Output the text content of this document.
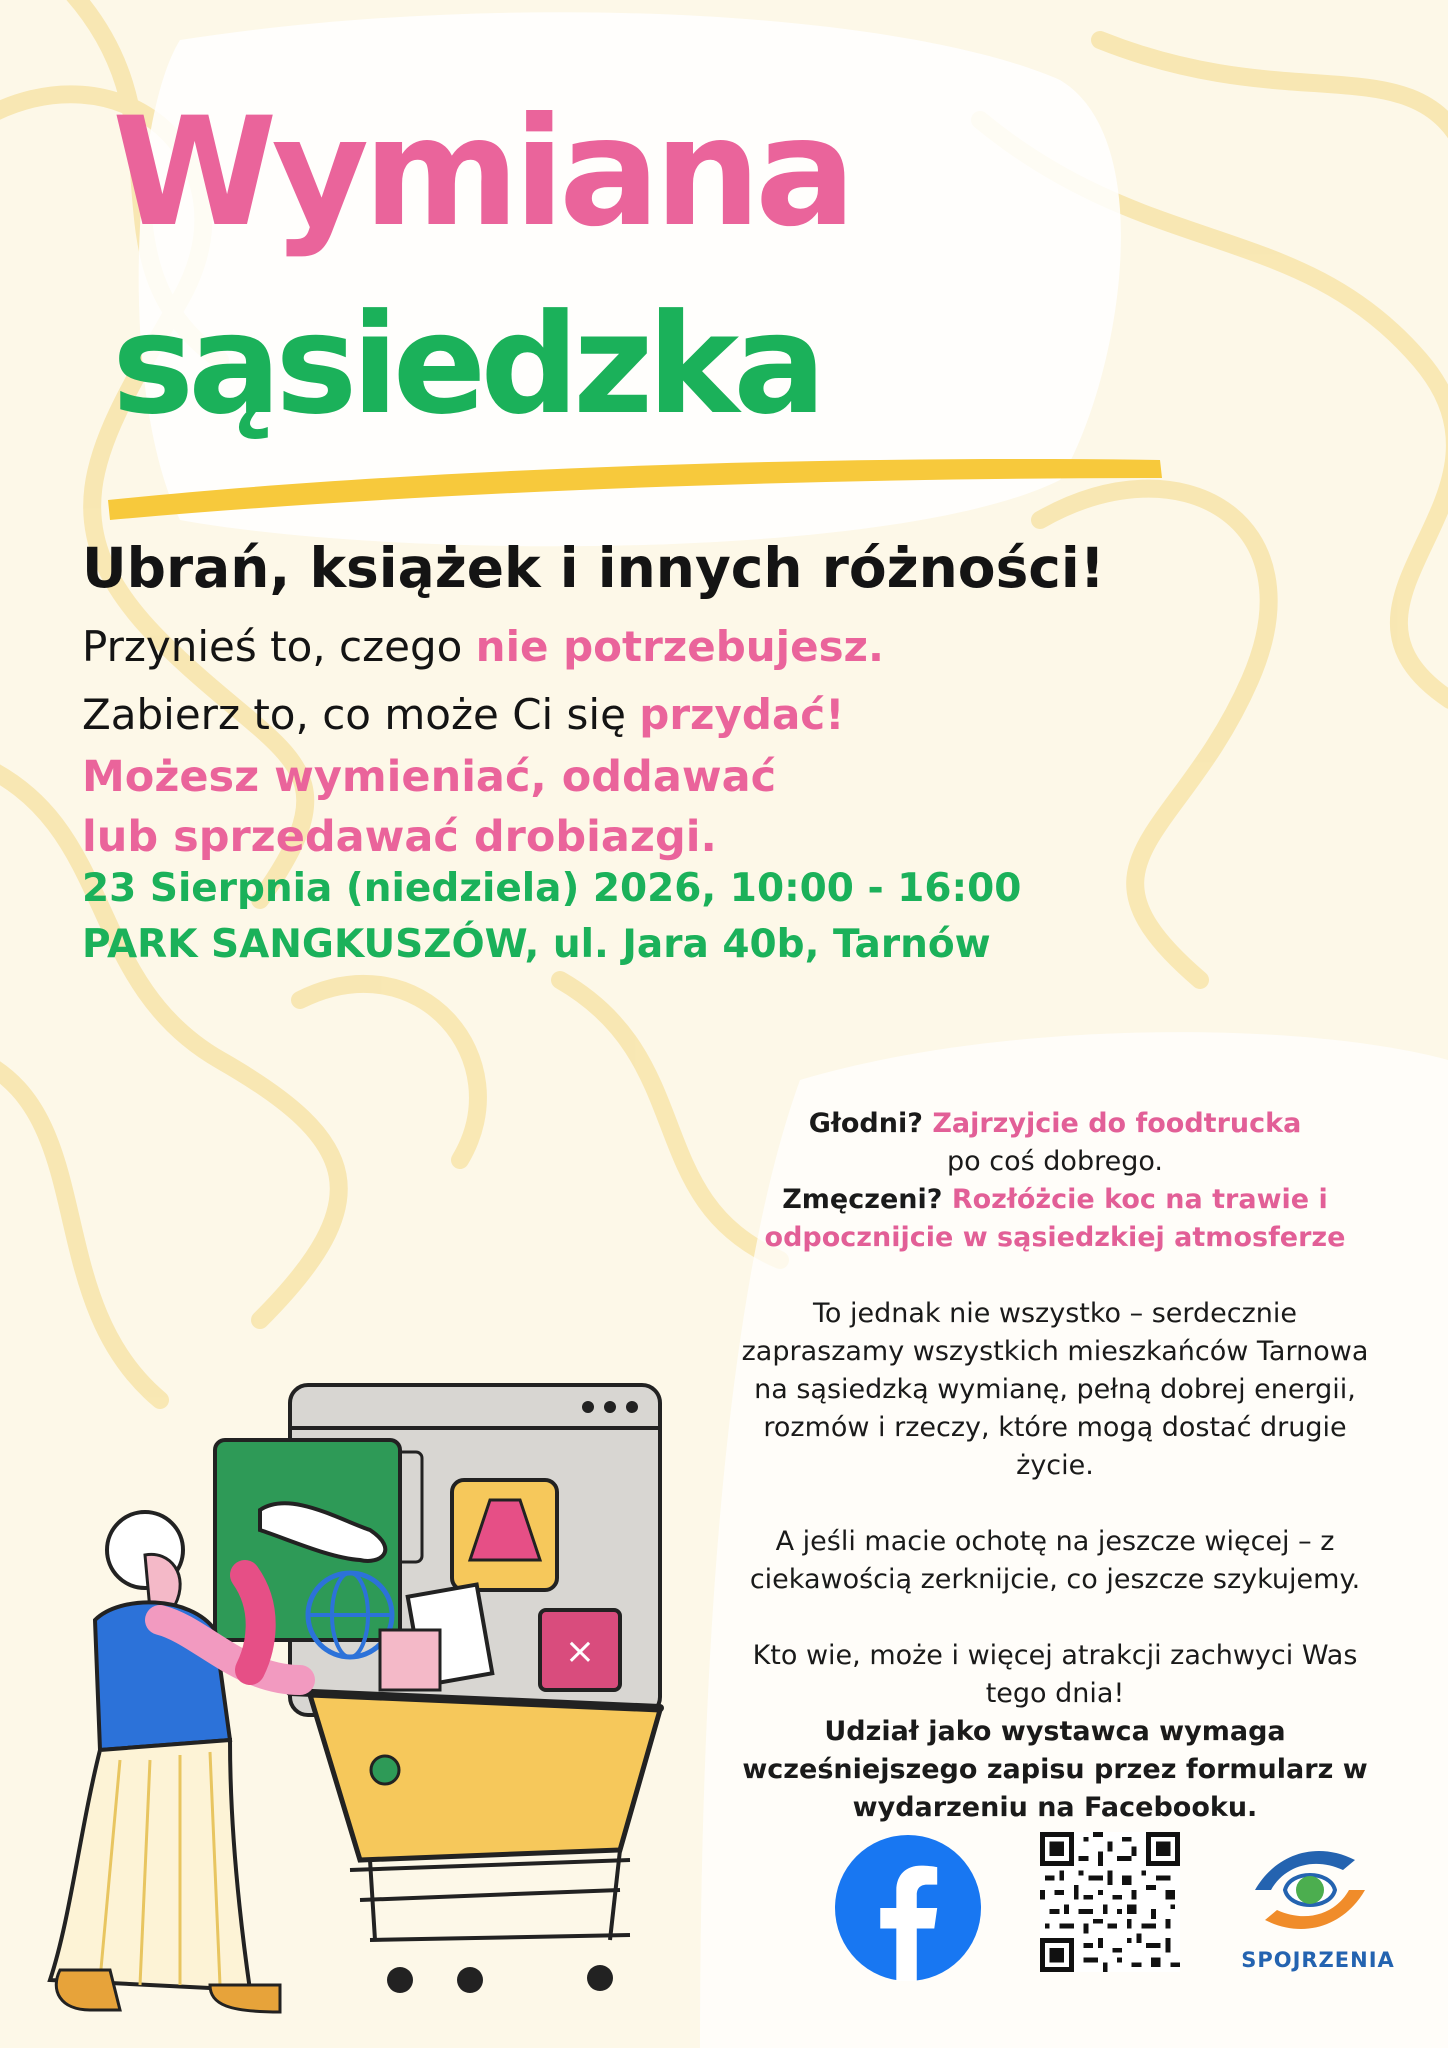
Wymiana
sąsiedzka
Ubrań, książek i innych różności!
Przynieś to, czego nie potrzebujesz.
Zabierz to, co może Ci się przydać!
Możesz wymieniać, oddawać
lub sprzedawać drobiazgi.
23 Sierpnia (niedziela) 2026, 10:00 - 16:00
PARK SANGKUSZÓW, ul. Jara 40b, Tarnów

Głodni? Zajrzyjcie do foodtrucka

po coś dobrego.

Zmęczeni? Rozłóżcie koc na trawie i

odpocznijcie w sąsiedzkiej atmosferze

To jednak nie wszystko – serdecznie

zapraszamy wszystkich mieszkańców Tarnowa

na sąsiedzką wymianę, pełną dobrej energii,

rozmów i rzeczy, które mogą dostać drugie

życie.

A jeśli macie ochotę na jeszcze więcej – z

ciekawością zerknijcie, co jeszcze szykujemy.

Kto wie, może i więcej atrakcji zachwyci Was

tego dnia!

Udział jako wystawca wymaga

wcześniejszego zapisu przez formularz w

wydarzeniu na Facebooku.

SPOJRZENIA
×
